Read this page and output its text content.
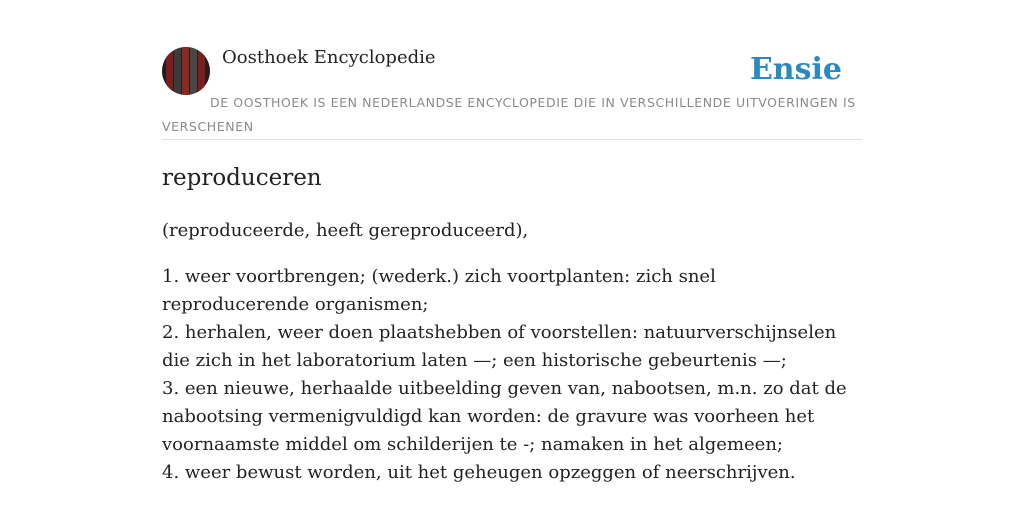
Oosthoek Encyclopedie	Ensie
DE OOSTHOEK IS EEN NEDERLANDSE ENCYCLOPEDIE DIE IN VERSCHILLENDE UITVOERINGEN IS VERSCHENEN
reproduceren
(reproduceerde, heeft gereproduceerd),
1. weer voortbrengen; (wederk.) zich voortplanten: zich snel reproducerende organismen;
2. herhalen, weer doen plaatshebben of voorstellen: natuurverschijnselen die zich in het laboratorium laten —; een historische gebeurtenis —;
3. een nieuwe, herhaalde uitbeelding geven van, nabootsen, m.n. zo dat de nabootsing vermenigvuldigd kan worden: de gravure was voorheen het voornaamste middel om schilderijen te -; namaken in het algemeen;
4. weer bewust worden, uit het geheugen opzeggen of neerschrijven.
